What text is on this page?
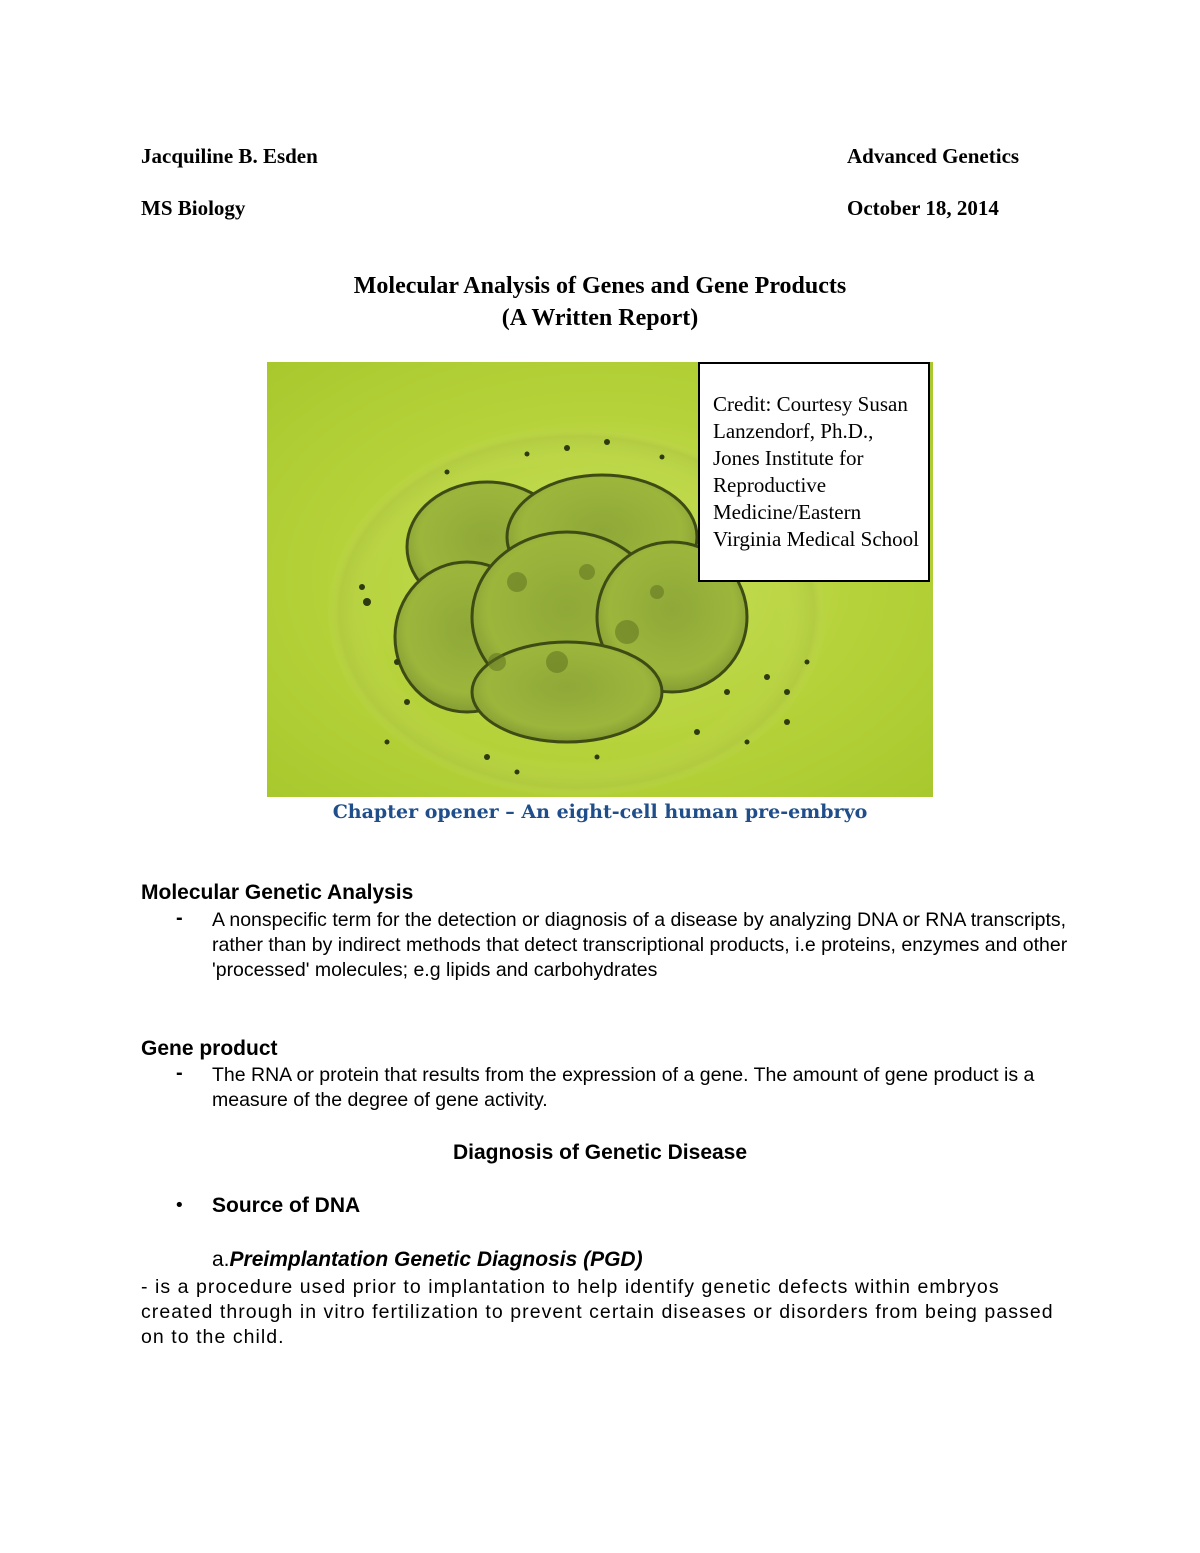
Jacquiline B. Esden	Advanced Genetics
MS Biology	October 18, 2014
Molecular Analysis of Genes and Gene Products
(A Written Report)
Credit: Courtesy Susan Lanzendorf, Ph.D., Jones Institute for Reproductive Medicine/Eastern Virginia Medical School
Chapter opener – An eight-cell human pre-embryo
Molecular Genetic Analysis
- A nonspecific term for the detection or diagnosis of a disease by analyzing DNA or RNA transcripts, rather than by indirect methods that detect transcriptional products, i.e proteins, enzymes and other 'processed' molecules; e.g lipids and carbohydrates
Gene product
- The RNA or protein that results from the expression of a gene. The amount of gene product is a measure of the degree of gene activity.
Diagnosis of Genetic Disease
• Source of DNA
a.Preimplantation Genetic Diagnosis (PGD)
- is a procedure used prior to implantation to help identify genetic defects within embryos created through in vitro fertilization to prevent certain diseases or disorders from being passed on to the child.
